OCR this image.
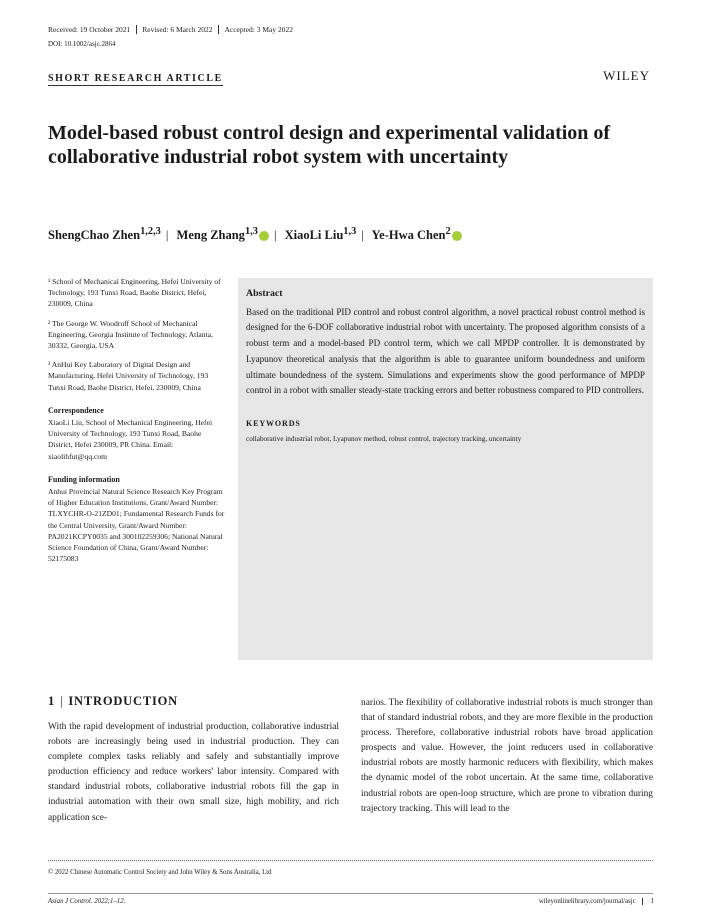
Received: 19 October 2021 Revised: 6 March 2022 Accepted: 3 May 2022
DOI: 10.1002/asjc.2864
SHORT RESEARCH ARTICLE	WILEY
Model-based robust control design and experimental validation of collaborative industrial robot system with uncertainty
ShengChao Zhen$^{1,2,3}$ | Meng Zhang$^{1,3}$ | XiaoLi Liu$^{1,3}$ | Ye-Hwa Chen$^2$

¹ School of Mechanical Engineering, Hefei University of Technology, 193 Tunxi Road, Baohe District, Hefei, 230009, China

² The George W. Woodruff School of Mechanical Engineering, Georgia Institute of Technology, Atlanta, 30332, Georgia, USA

³ AnHui Key Laboratory of Digital Design and Manufacturing, Hefei University of Technology, 193 Tunxi Road, Baohe District, Hefei, 230009, China

Correspondence

XiaoLi Liu, School of Mechanical Engineering, Hefei University of Technology, 193 Tunxi Road, Baohe District, Hefei 230009, PR China. Email: xiaolihfut@qq.com

Funding information

Anhui Provincial Natural Science Research Key Program of Higher Education Institutions, Grant/Award Number: TLXYCHR-O-21ZD01; Fundamental Research Funds for the Central University, Grant/Award Number: PA2021KCPY0035 and 300102259306; National Natural Science Foundation of China, Grant/Award Number: 52175083

Abstract

Based on the traditional PID control and robust control algorithm, a novel practical robust control method is designed for the 6-DOF collaborative industrial robot with uncertainty. The proposed algorithm consists of a robust term and a model-based PD control term, which we call MPDP controller. It is demonstrated by Lyapunov theoretical analysis that the algorithm is able to guarantee uniform boundedness and uniform ultimate boundedness of the system. Simulations and experiments show the good performance of MPDP control in a robot with smaller steady-state tracking errors and better robustness compared to PID controllers.

KEYWORDS
collaborative industrial robot, Lyapunov method, robust control, trajectory tracking, uncertainty
1 | INTRODUCTION

With the rapid development of industrial production, collaborative industrial robots are increasingly being used in industrial production. They can complete complex tasks reliably and safely and substantially improve production efficiency and reduce workers' labor intensity. Compared with standard industrial robots, collaborative industrial robots fill the gap in industrial automation with their own small size, high mobility, and rich application sce-

narios. The flexibility of collaborative industrial robots is much stronger than that of standard industrial robots, and they are more flexible in the production process. Therefore, collaborative industrial robots have broad application prospects and value. However, the joint reducers used in collaborative industrial robots are mostly harmonic reducers with flexibility, which makes the dynamic model of the robot uncertain. At the same time, collaborative industrial robots are open-loop structure, which are prone to vibration during trajectory tracking. This will lead to the

© 2022 Chinese Automatic Control Society and John Wiley & Sons Australia, Ltd
Asian J Control. 2022;1–12.	wileyonlinelibrary.com/journal/asjc 1
